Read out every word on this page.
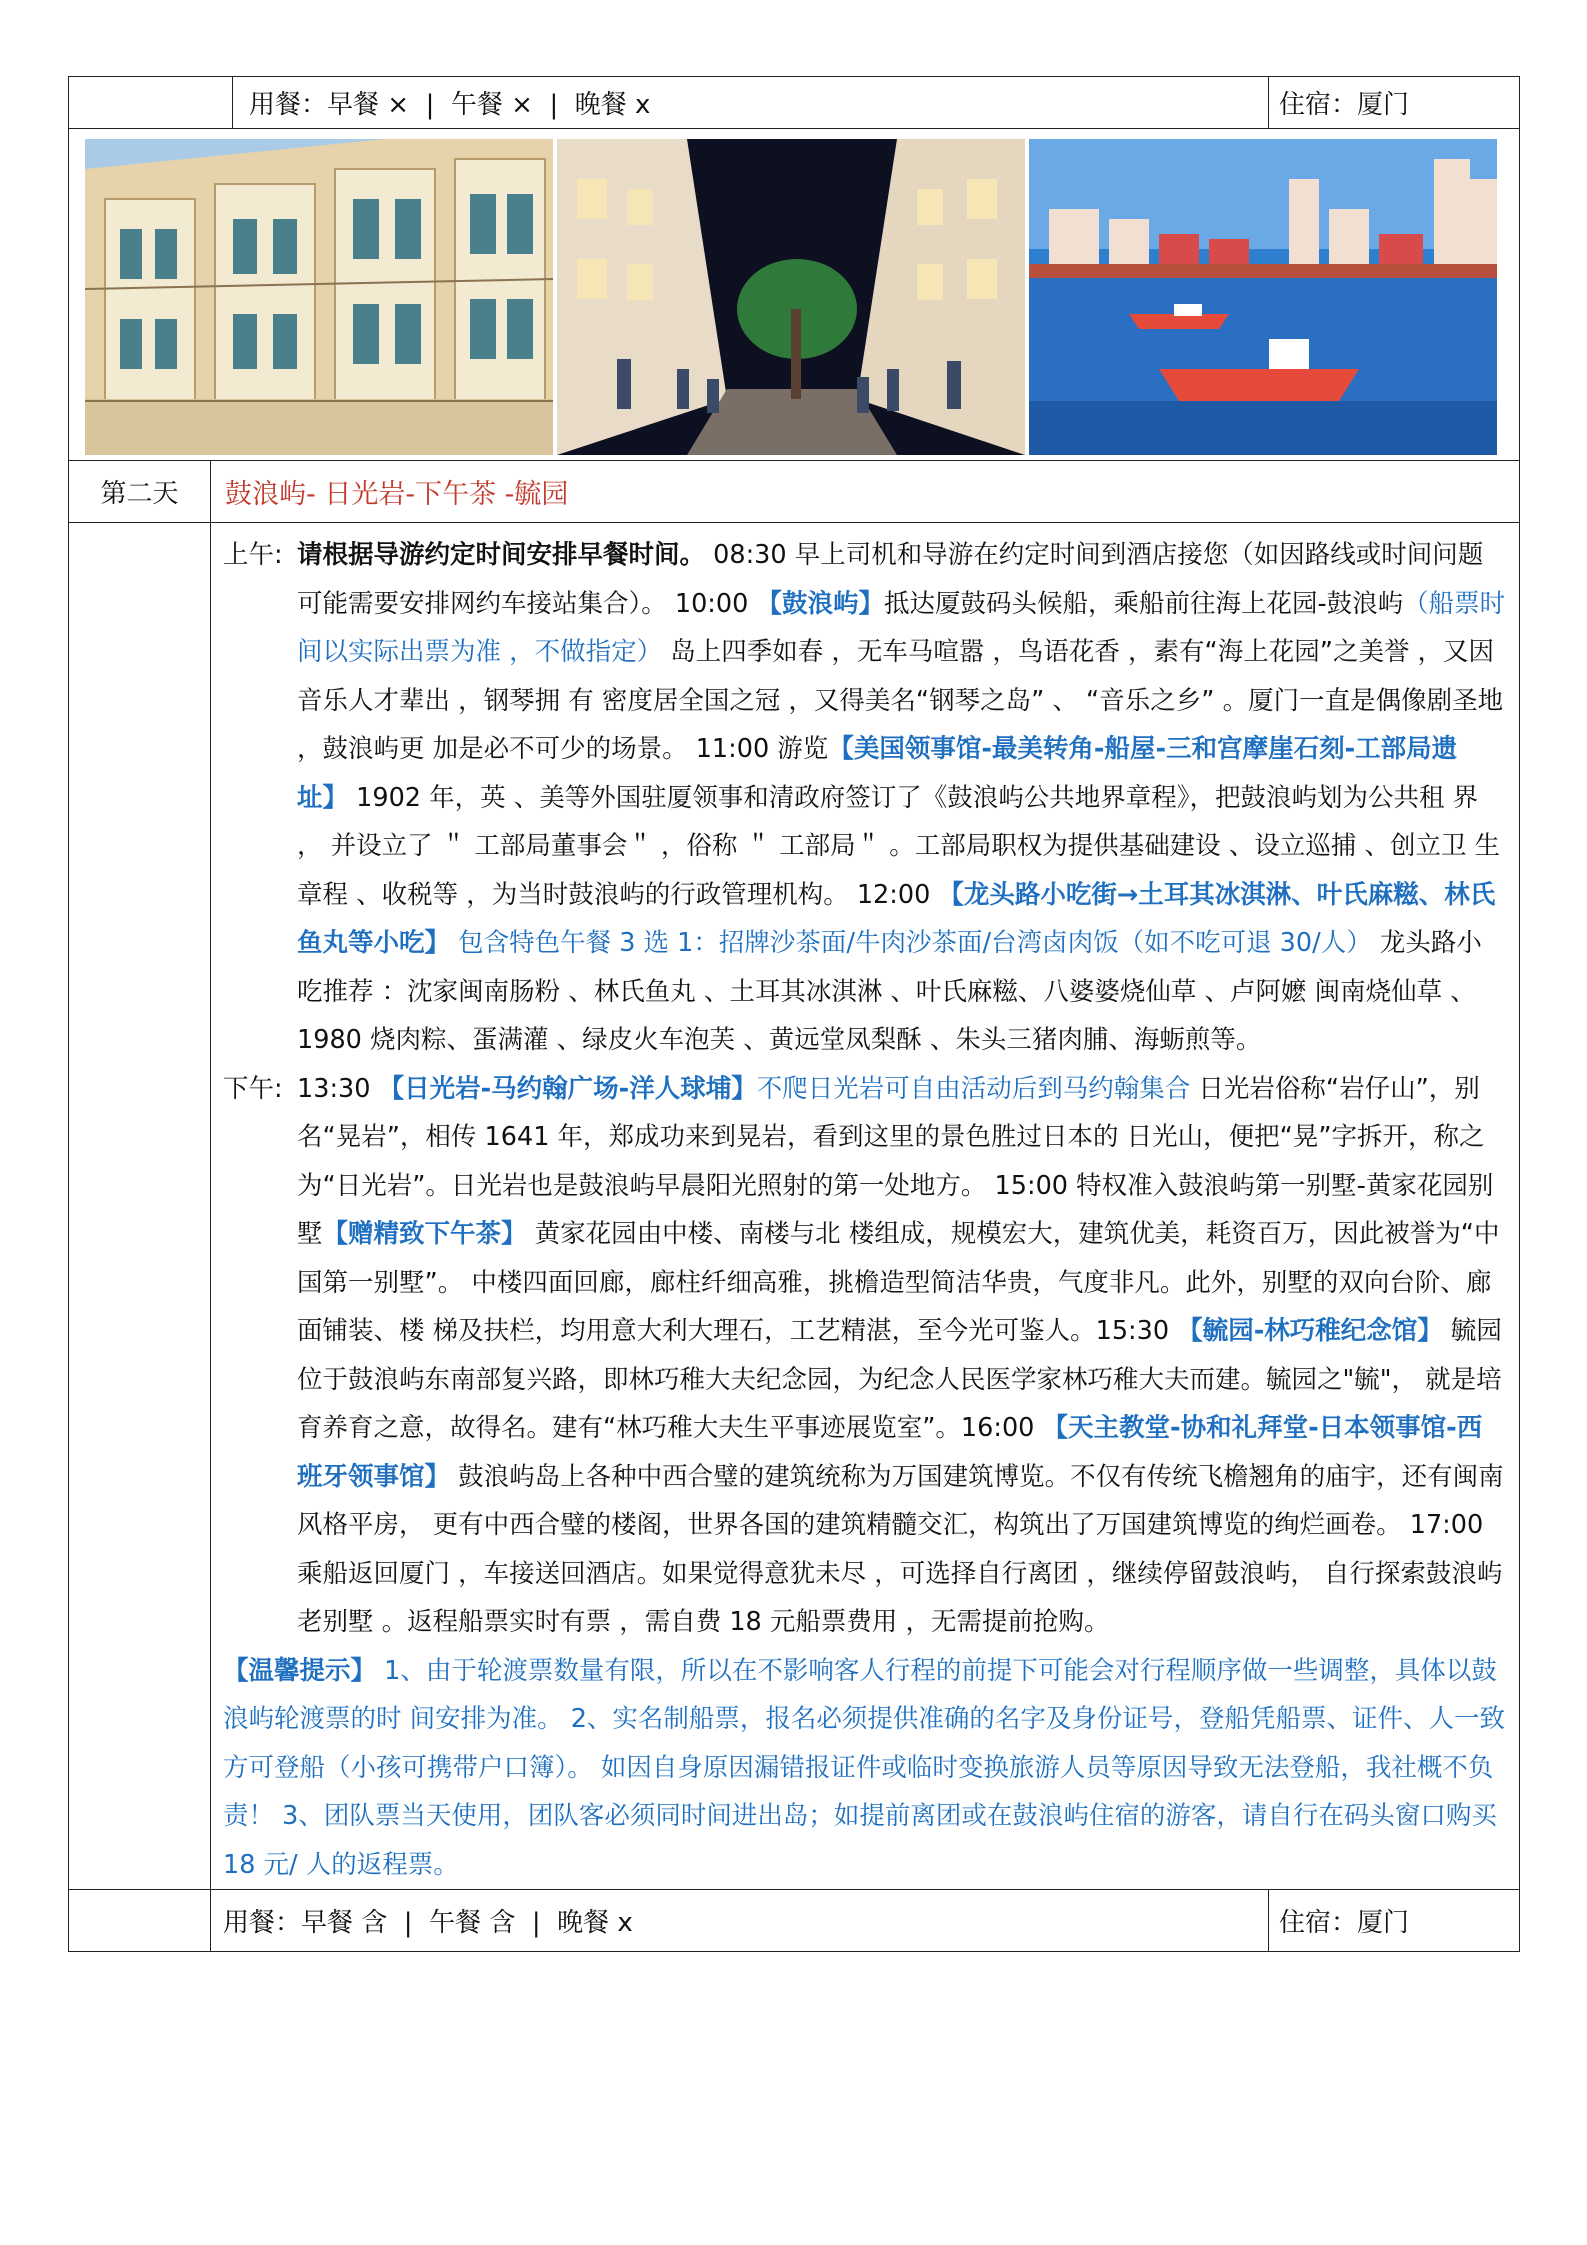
用餐：早餐 ×  |  午餐 ×  |  晚餐 x	住宿：厦门
第二天	鼓浪屿- 日光岩-下午茶 -毓园
上午: 请根据导游约定时间安排早餐时间。 08:30 早上司机和导游在约定时间到酒店接您（如因路线或时间问题可能需要安排网约车接站集合）。 10:00 【鼓浪屿】抵达厦鼓码头候船，乘船前往海上花园-鼓浪屿（船票时间以实际出票为准 ，不做指定） 岛上四季如春 ，无车马喧嚣 ，鸟语花香 ，素有“海上花园”之美誉 ，又因音乐人才辈出 ，钢琴拥 有 密度居全国之冠 ，又得美名“钢琴之岛” 、 “音乐之乡” 。厦门一直是偶像剧圣地 ，鼓浪屿更 加是必不可少的场景。 11:00 游览【美国领事馆-最美转角-船屋-三和宫摩崖石刻-工部局遗址】 1902 年，英 、美等外国驻厦领事和清政府签订了《鼓浪屿公共地界章程》，把鼓浪屿划为公共租 界 ， 并设立了 ＂ 工部局董事会＂ ，俗称 ＂ 工部局＂ 。工部局职权为提供基础建设 、设立巡捕 、创立卫 生章程 、收税等 ，为当时鼓浪屿的行政管理机构。 12:00 【龙头路小吃街→土耳其冰淇淋、叶氏麻糍、林氏鱼丸等小吃】 包含特色午餐 3 选 1：招牌沙茶面/牛肉沙茶面/台湾卤肉饭（如不吃可退 30/人） 龙头路小吃推荐 ：沈家闽南肠粉 、林氏鱼丸 、土耳其冰淇淋 、叶氏麻糍、八婆婆烧仙草 、卢阿嬷 闽南烧仙草 、1980 烧肉粽、蛋满灌 、绿皮火车泡芙 、黄远堂凤梨酥 、朱头三猪肉脯、海蛎煎等。
下午: 13:30 【日光岩-马约翰广场-洋人球埔】不爬日光岩可自由活动后到马约翰集合 日光岩俗称“岩仔山”，别名“晃岩”，相传 1641 年，郑成功来到晃岩，看到这里的景色胜过日本的 日光山，便把“晃”字拆开，称之为“日光岩”。日光岩也是鼓浪屿早晨阳光照射的第一处地方。 15:00 特权准入鼓浪屿第一别墅-黄家花园别墅【赠精致下午茶】 黄家花园由中楼、南楼与北 楼组成，规模宏大，建筑优美，耗资百万，因此被誉为“中国第一别墅”。 中楼四面回廊，廊柱纤细高雅，挑檐造型简洁华贵，气度非凡。此外，别墅的双向台阶、廊面铺装、楼 梯及扶栏，均用意大利大理石，工艺精湛，至今光可鉴人。15:30 【毓园-林巧稚纪念馆】 毓园位于鼓浪屿东南部复兴路，即林巧稚大夫纪念园，为纪念人民医学家林巧稚大夫而建。毓园之"毓"， 就是培育养育之意，故得名。建有“林巧稚大夫生平事迹展览室”。16:00 【天主教堂-协和礼拜堂-日本领事馆-西班牙领事馆】 鼓浪屿岛上各种中西合璧的建筑统称为万国建筑博览。不仅有传统飞檐翘角的庙宇，还有闽南风格平房， 更有中西合璧的楼阁，世界各国的建筑精髓交汇，构筑出了万国建筑博览的绚烂画卷。 17:00 乘船返回厦门 ，车接送回酒店。如果觉得意犹未尽 ，可选择自行离团 ，继续停留鼓浪屿， 自行探索鼓浪屿老别墅 。返程船票实时有票 ，需自费 18 元船票费用 ，无需提前抢购。
【温馨提示】 1、由于轮渡票数量有限，所以在不影响客人行程的前提下可能会对行程顺序做一些调整，具体以鼓浪屿轮渡票的时 间安排为准。 2、实名制船票，报名必须提供准确的名字及身份证号，登船凭船票、证件、人一致方可登船（小孩可携带户口簿）。 如因自身原因漏错报证件或临时变换旅游人员等原因导致无法登船，我社概不负责！ 3、团队票当天使用，团队客必须同时间进出岛；如提前离团或在鼓浪屿住宿的游客，请自行在码头窗口购买 18 元/ 人的返程票。
用餐：早餐 含  |  午餐 含  |  晚餐 x	住宿：厦门
